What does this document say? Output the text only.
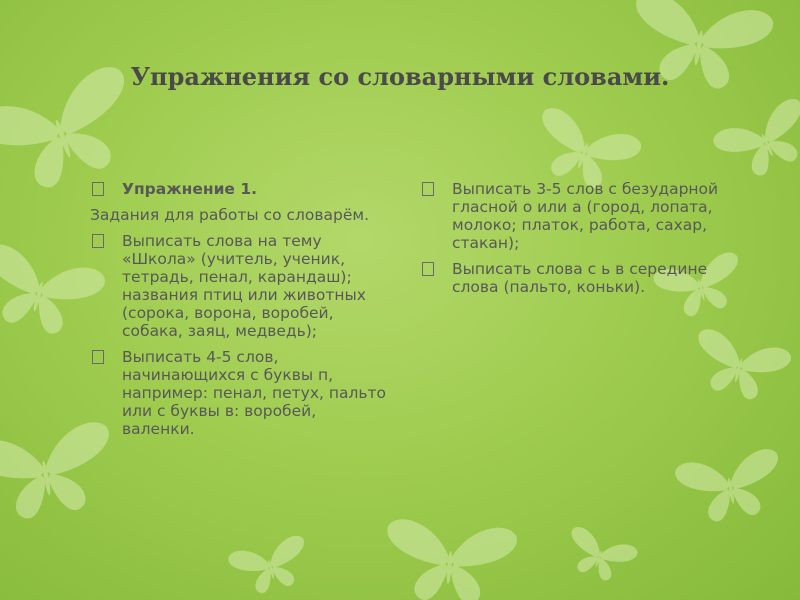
Упражнения со словарными словами.
Упражнение 1.
Задания для работы со словарём.
Выписать слова на тему «Школа» (учитель, ученик, тетрадь, пенал, карандаш); названия птиц или животных (сорока, ворона, воробей, собака, заяц, медведь);
Выписать 4-5 слов, начинающихся с буквы п, например: пенал, петух, пальто или с буквы в: воробей, валенки.
Выписать 3-5 слов с безударной гласной о или а (город, лопата, молоко; платок, работа, сахар, стакан);
Выписать слова с ь в середине слова (пальто, коньки).
